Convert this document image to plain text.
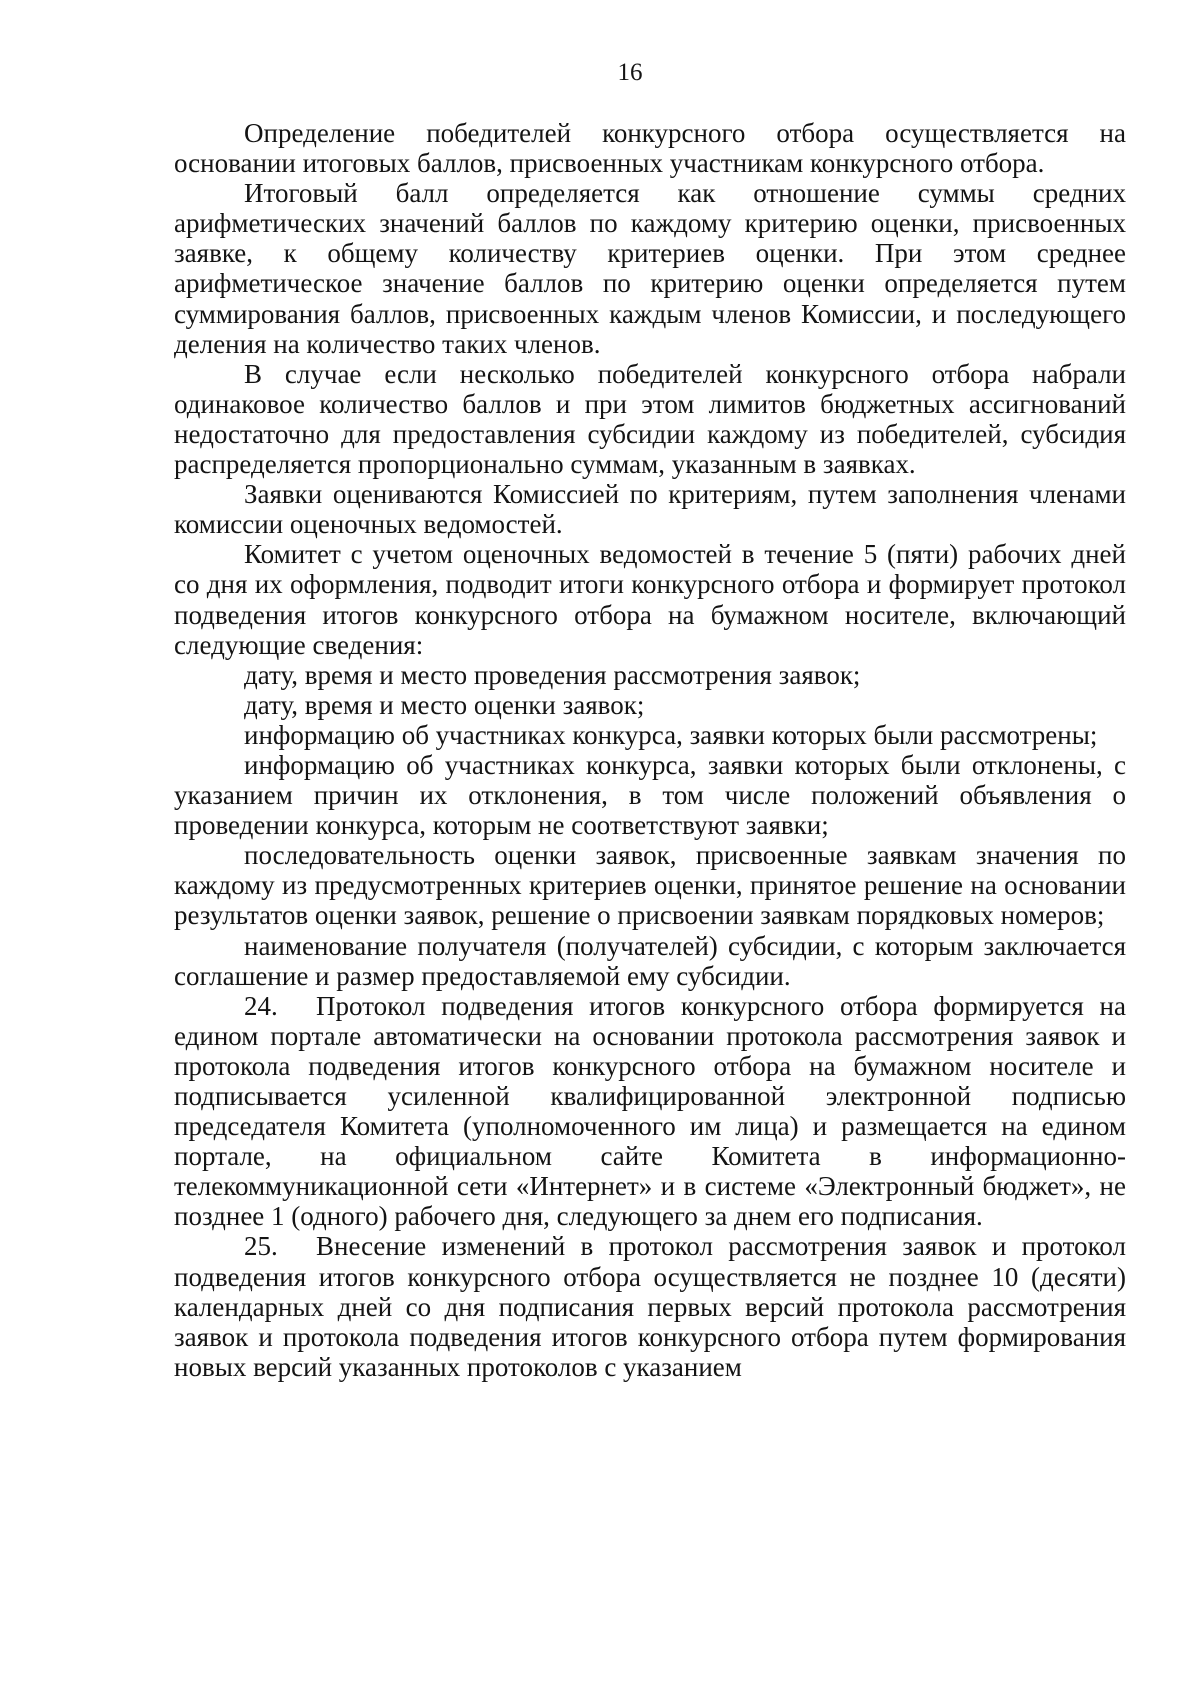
16

Определение победителей конкурсного отбора осуществляется на основании итоговых баллов, присвоенных участникам конкурсного отбора.

Итоговый балл определяется как отношение суммы средних арифметических значений баллов по каждому критерию оценки, присвоенных заявке, к общему количеству критериев оценки. При этом среднее арифметическое значение баллов по критерию оценки определяется путем суммирования баллов, присвоенных каждым членов Комиссии, и последующего деления на количество таких членов.

В случае если несколько победителей конкурсного отбора набрали одинаковое количество баллов и при этом лимитов бюджетных ассигнований недостаточно для предоставления субсидии каждому из победителей, субсидия распределяется пропорционально суммам, указанным в заявках.

Заявки оцениваются Комиссией по критериям, путем заполнения членами комиссии оценочных ведомостей.

Комитет с учетом оценочных ведомостей в течение 5 (пяти) рабочих дней со дня их оформления, подводит итоги конкурсного отбора и формирует протокол подведения итогов конкурсного отбора на бумажном носителе, включающий следующие сведения:

дату, время и место проведения рассмотрения заявок;

дату, время и место оценки заявок;

информацию об участниках конкурса, заявки которых были рассмотрены;

информацию об участниках конкурса, заявки которых были отклонены, с указанием причин их отклонения, в том числе положений объявления о проведении конкурса, которым не соответствуют заявки;

последовательность оценки заявок, присвоенные заявкам значения по каждому из предусмотренных критериев оценки, принятое решение на основании результатов оценки заявок, решение о присвоении заявкам порядковых номеров;

наименование получателя (получателей) субсидии, с которым заключается соглашение и размер предоставляемой ему субсидии.

24. Протокол подведения итогов конкурсного отбора формируется на едином портале автоматически на основании протокола рассмотрения заявок и протокола подведения итогов конкурсного отбора на бумажном носителе и подписывается усиленной квалифицированной электронной подписью председателя Комитета (уполномоченного им лица) и размещается на едином портале, на официальном сайте Комитета в информационно-телекоммуникационной сети «Интернет» и в системе «Электронный бюджет», не позднее 1 (одного) рабочего дня, следующего за днем его подписания.

25. Внесение изменений в протокол рассмотрения заявок и протокол подведения итогов конкурсного отбора осуществляется не позднее 10 (десяти) календарных дней со дня подписания первых версий протокола рассмотрения заявок и протокола подведения итогов конкурсного отбора путем формирования новых версий указанных протоколов с указанием
